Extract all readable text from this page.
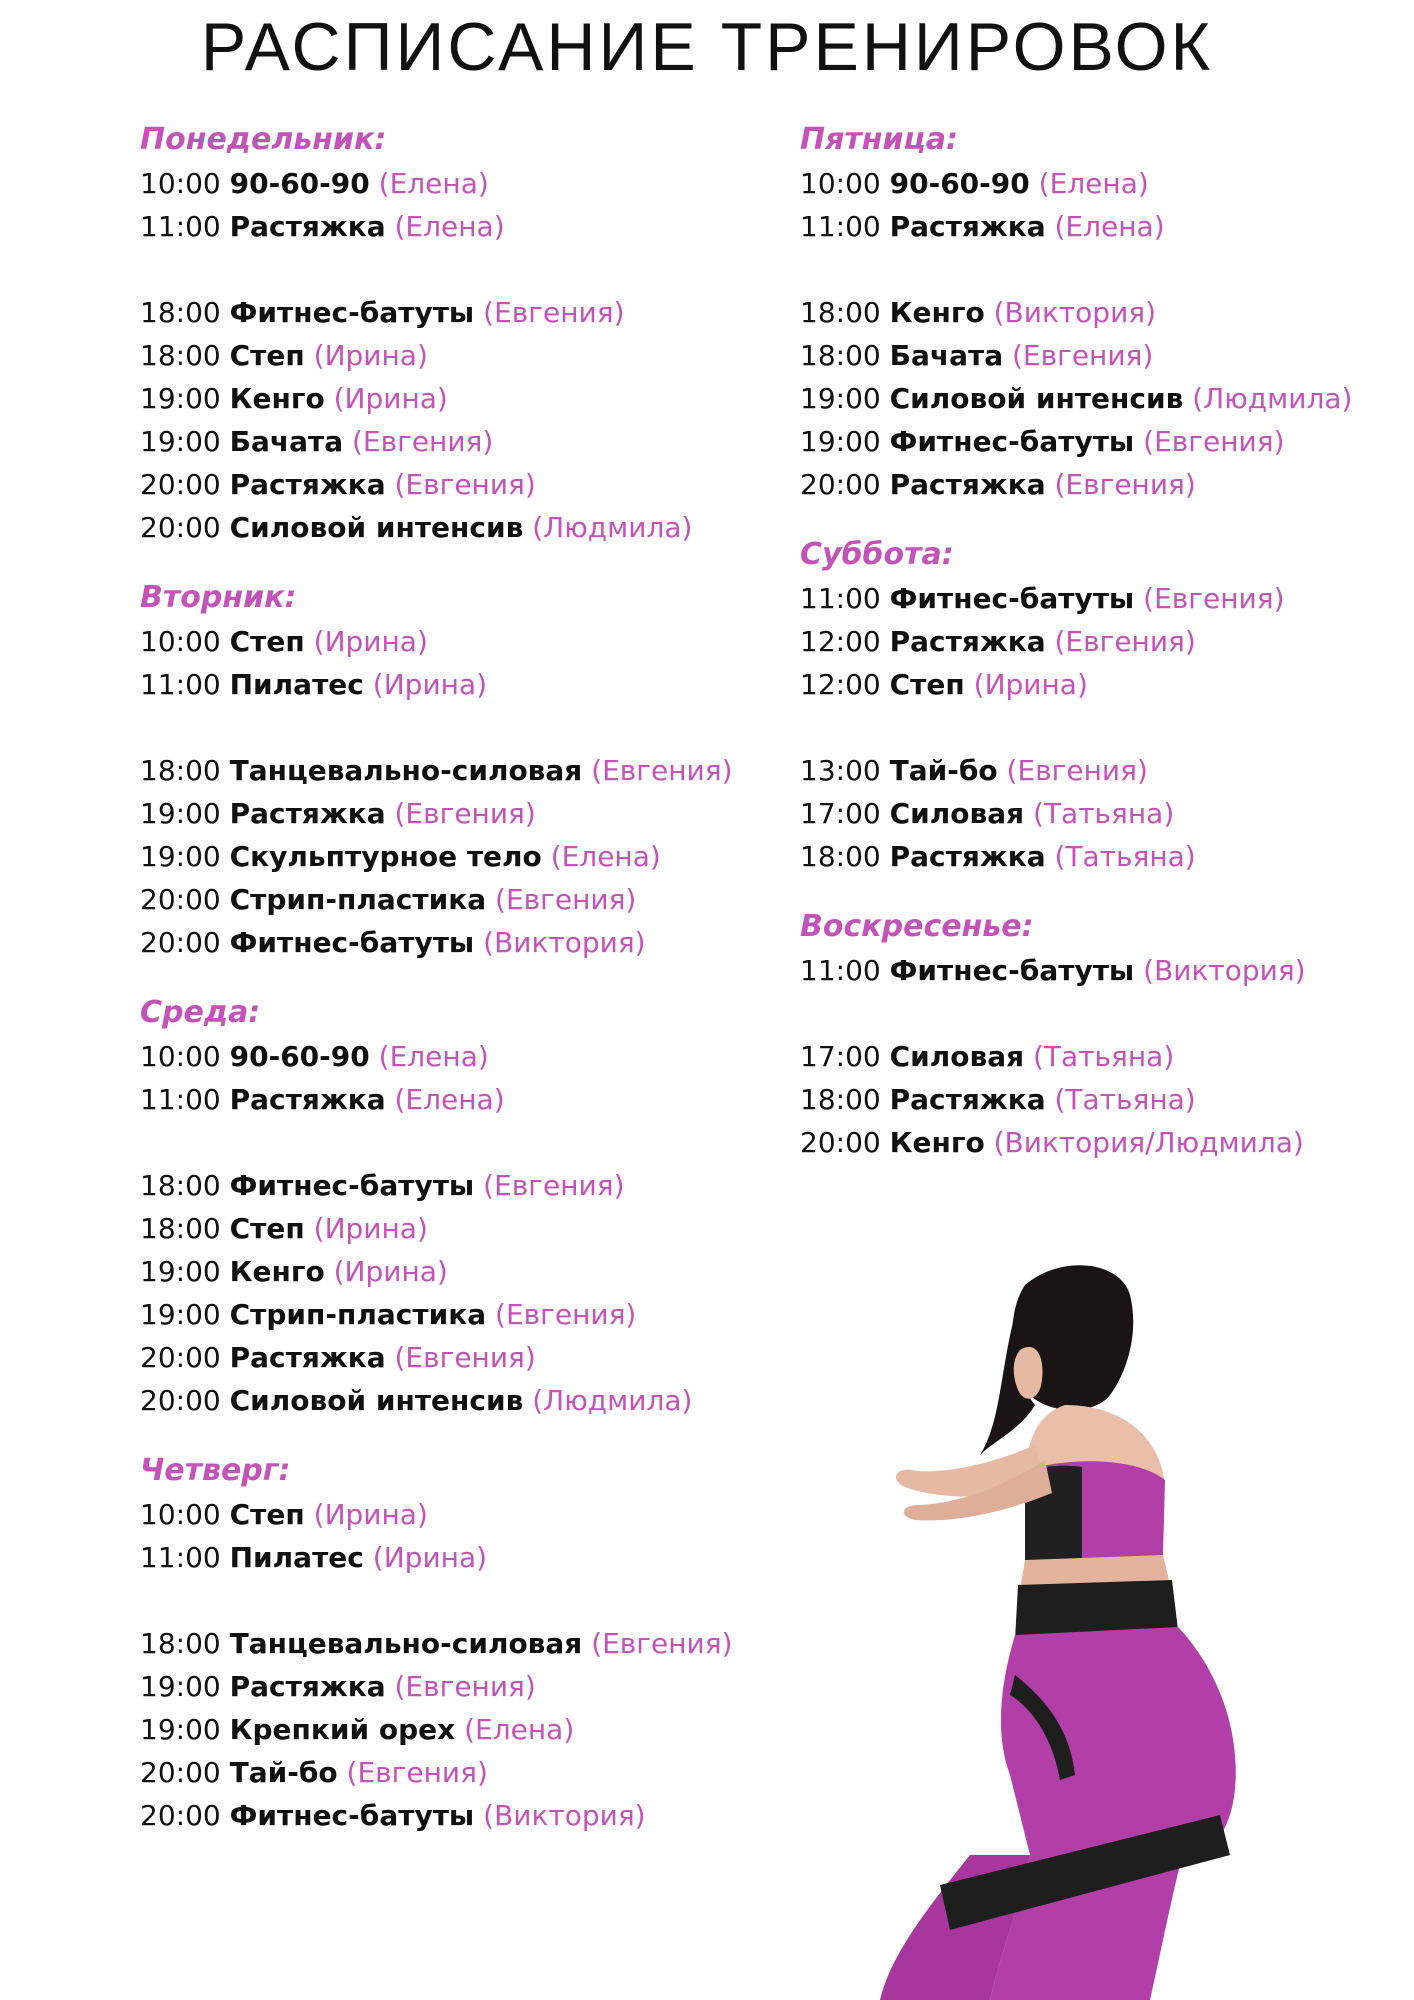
РАСПИСАНИЕ ТРЕНИРОВОК
Понедельник:
10:00 90-60-90 (Елена)
11:00 Растяжка (Елена)
18:00 Фитнес-батуты (Евгения)
18:00 Степ (Ирина)
19:00 Кенго (Ирина)
19:00 Бачата (Евгения)
20:00 Растяжка (Евгения)
20:00 Силовой интенсив (Людмила)
Вторник:
10:00 Степ (Ирина)
11:00 Пилатес (Ирина)
18:00 Танцевально-силовая (Евгения)
19:00 Растяжка (Евгения)
19:00 Скульптурное тело (Елена)
20:00 Стрип-пластика (Евгения)
20:00 Фитнес-батуты (Виктория)
Среда:
10:00 90-60-90 (Елена)
11:00 Растяжка (Елена)
18:00 Фитнес-батуты (Евгения)
18:00 Степ (Ирина)
19:00 Кенго (Ирина)
19:00 Стрип-пластика (Евгения)
20:00 Растяжка (Евгения)
20:00 Силовой интенсив (Людмила)
Четверг:
10:00 Степ (Ирина)
11:00 Пилатес (Ирина)
18:00 Танцевально-силовая (Евгения)
19:00 Растяжка (Евгения)
19:00 Крепкий орех (Елена)
20:00 Тай-бо (Евгения)
20:00 Фитнес-батуты (Виктория)
Пятница:
10:00 90-60-90 (Елена)
11:00 Растяжка (Елена)
18:00 Кенго (Виктория)
18:00 Бачата (Евгения)
19:00 Силовой интенсив (Людмила)
19:00 Фитнес-батуты (Евгения)
20:00 Растяжка (Евгения)
Суббота:
11:00 Фитнес-батуты (Евгения)
12:00 Растяжка (Евгения)
12:00 Степ (Ирина)
13:00 Тай-бо (Евгения)
17:00 Силовая (Татьяна)
18:00 Растяжка (Татьяна)
Воскресенье:
11:00 Фитнес-батуты (Виктория)
17:00 Силовая (Татьяна)
18:00 Растяжка (Татьяна)
20:00 Кенго (Виктория/Людмила)
